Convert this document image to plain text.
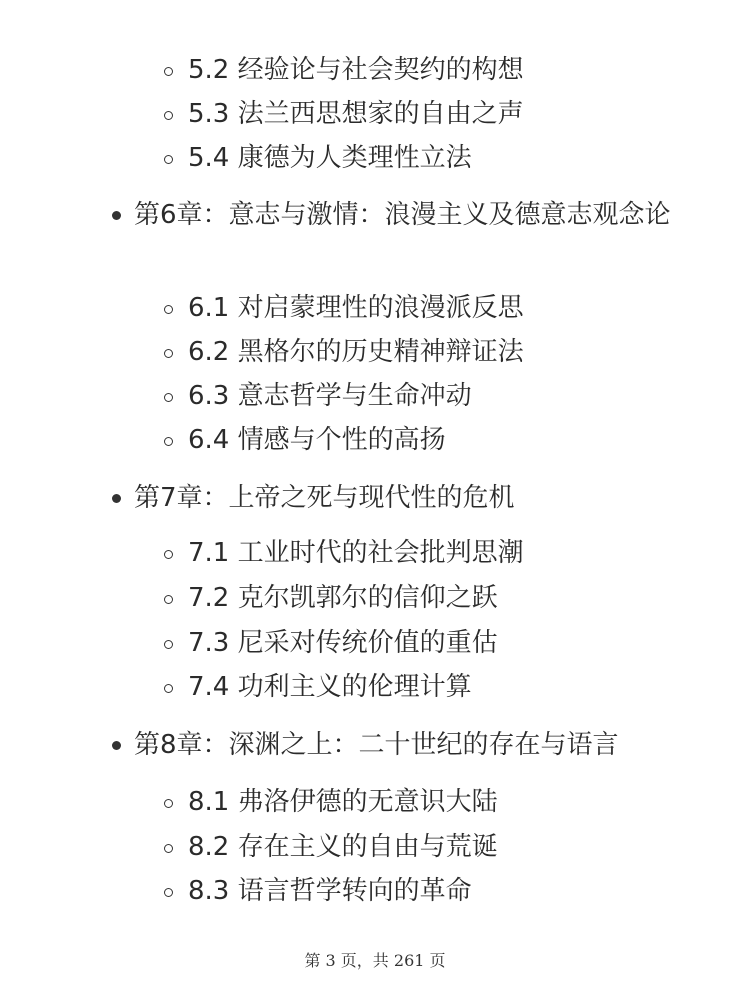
5.2 经验论与社会契约的构想
5.3 法兰西思想家的自由之声
5.4 康德为人类理性立法
第6章：意志与激情：浪漫主义及德意志观念论
6.1 对启蒙理性的浪漫派反思
6.2 黑格尔的历史精神辩证法
6.3 意志哲学与生命冲动
6.4 情感与个性的高扬
第7章：上帝之死与现代性的危机
7.1 工业时代的社会批判思潮
7.2 克尔凯郭尔的信仰之跃
7.3 尼采对传统价值的重估
7.4 功利主义的伦理计算
第8章：深渊之上：二十世纪的存在与语言
8.1 弗洛伊德的无意识大陆
8.2 存在主义的自由与荒诞
8.3 语言哲学转向的革命
第 3 页，共 261 页
